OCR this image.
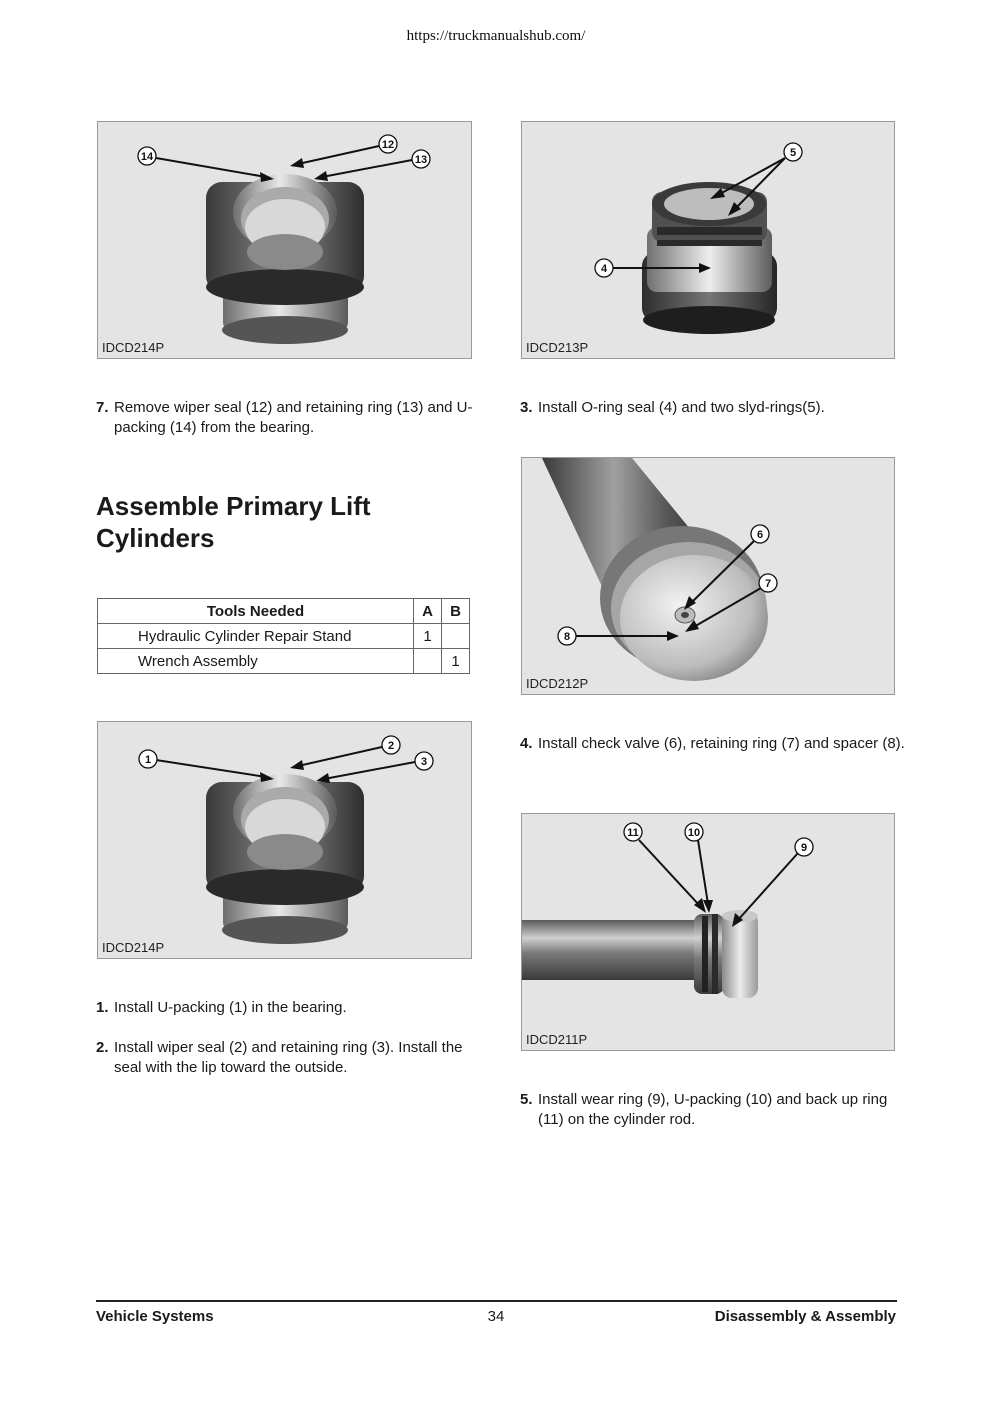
https://truckmanualshub.com/
14
12
13
IDCD214P
5
4
IDCD213P
7. Remove wiper seal (12) and retaining ring (13) and U-packing (14) from the bearing.
3. Install O-ring seal (4) and two slyd-rings(5).
Assemble Primary Lift Cylinders
Tools Needed	A	B
Hydraulic Cylinder Repair Stand	1	
Wrench Assembly		1
6
7
8
IDCD212P
1
2
3
IDCD214P
4. Install check valve (6), retaining ring (7) and spacer (8).
11	10
9
IDCD211P
1. Install U-packing (1) in the bearing.
2. Install wiper seal (2) and retaining ring (3). Install the seal with the lip toward the outside.
5. Install wear ring (9), U-packing (10) and back up ring (11) on the cylinder rod.
Vehicle Systems	34	Disassembly & Assembly
